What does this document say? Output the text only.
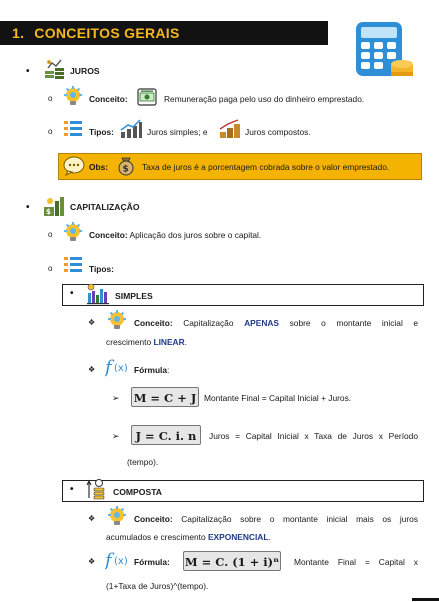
1. CONCEITOS GERAIS
•
%
JUROS
o	Conceito:	Remuneração paga pelo uso do dinheiro emprestado.
o	Tipos:	Juros simples; e	Juros compostos.
Obs: $ Taxa de juros é a porcentagem cobrada sobre o valor emprestado.
• $ CAPITALIZAÇÃO
o	Conceito: Aplicação dos juros sobre o capital.
o	Tipos:
•	SIMPLES
❖	Conceito: Capitalização APENAS sobre o montante inicial e
crescimento LINEAR.
❖ f (x) Fórmula:
➢ M = C + J Montante Final = Capital Inicial + Juros.
➢	J = C. i. n	Juros = Capital Inicial x Taxa de Juros x Período
(tempo).
•	COMPOSTA
❖	Conceito: Capitalização sobre o montante inicial mais os juros
acumulados e crescimento EXPONENCIAL.
❖ f (x) Fórmula: M = C. (1 + i)ⁿ Montante Final = Capital x
(1+Taxa de Juros)^(tempo).
